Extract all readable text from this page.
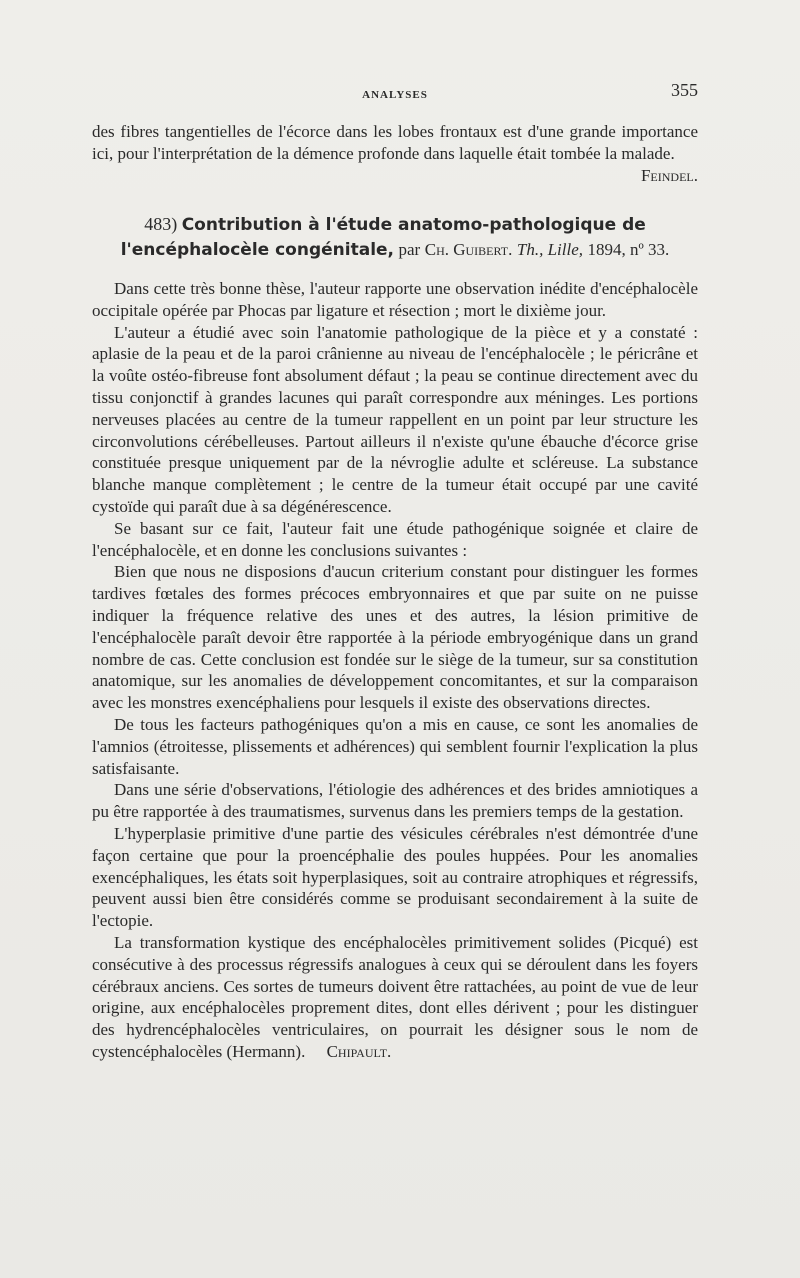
ANALYSES	355

des fibres tangentielles de l'écorce dans les lobes frontaux est d'une grande importance ici, pour l'interprétation de la démence profonde dans laquelle était tombée la malade.

Feindel.

483) Contribution à l'étude anatomo-pathologique de l'encéphalocèle congénitale, par Ch. Guibert. Th., Lille, 1894, nº 33.

Dans cette très bonne thèse, l'auteur rapporte une observation inédite d'encéphalocèle occipitale opérée par Phocas par ligature et résection ; mort le dixième jour.

L'auteur a étudié avec soin l'anatomie pathologique de la pièce et y a constaté : aplasie de la peau et de la paroi crânienne au niveau de l'encéphalocèle ; le péricrâne et la voûte ostéo-fibreuse font absolument défaut ; la peau se continue directement avec du tissu conjonctif à grandes lacunes qui paraît correspondre aux méninges. Les portions nerveuses placées au centre de la tumeur rappellent en un point par leur structure les circonvolutions cérébelleuses. Partout ailleurs il n'existe qu'une ébauche d'écorce grise constituée presque uniquement par de la névroglie adulte et scléreuse. La substance blanche manque complètement ; le centre de la tumeur était occupé par une cavité cystoïde qui paraît due à sa dégénérescence.

Se basant sur ce fait, l'auteur fait une étude pathogénique soignée et claire de l'encéphalocèle, et en donne les conclusions suivantes :

Bien que nous ne disposions d'aucun criterium constant pour distinguer les formes tardives fœtales des formes précoces embryonnaires et que par suite on ne puisse indiquer la fréquence relative des unes et des autres, la lésion primitive de l'encéphalocèle paraît devoir être rapportée à la période embryogénique dans un grand nombre de cas. Cette conclusion est fondée sur le siège de la tumeur, sur sa constitution anatomique, sur les anomalies de développement concomitantes, et sur la comparaison avec les monstres exencéphaliens pour lesquels il existe des observations directes.

De tous les facteurs pathogéniques qu'on a mis en cause, ce sont les anomalies de l'amnios (étroitesse, plissements et adhérences) qui semblent fournir l'explication la plus satisfaisante.

Dans une série d'observations, l'étiologie des adhérences et des brides amniotiques a pu être rapportée à des traumatismes, survenus dans les premiers temps de la gestation.

L'hyperplasie primitive d'une partie des vésicules cérébrales n'est démontrée d'une façon certaine que pour la proencéphalie des poules huppées. Pour les anomalies exencéphaliques, les états soit hyperplasiques, soit au contraire atrophiques et régressifs, peuvent aussi bien être considérés comme se produisant secondairement à la suite de l'ectopie.

La transformation kystique des encéphalocèles primitivement solides (Picqué) est consécutive à des processus régressifs analogues à ceux qui se déroulent dans les foyers cérébraux anciens. Ces sortes de tumeurs doivent être rattachées, au point de vue de leur origine, aux encéphalocèles proprement dites, dont elles dérivent ; pour les distinguer des hydrencéphalocèles ventriculaires, on pourrait les désigner sous le nom de cystencéphalocèles (Hermann). Chipault.
